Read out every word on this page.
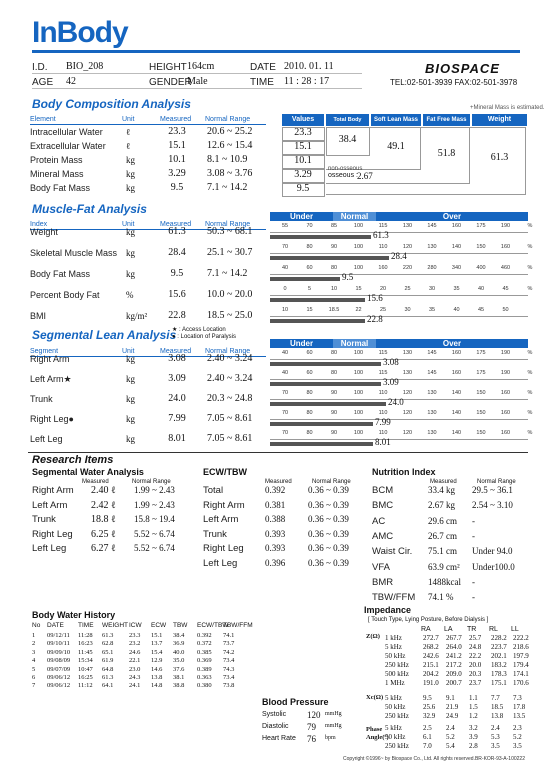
InBody
I.D. BIO_208	HEIGHT 164cm	DATE 2010. 01. 11
AGE 42	GENDER
Male	TIME 11 : 28 : 17
BIOSPACE
TEL:02-501-3939 FAX:02-501-3978
Body Composition Analysis	+Mineral Mass is estimated.
Element	Unit	Measured Normal Range
Intracellular Water	ℓ	23.3	20.6 ~ 25.2
Extracellular Water ℓ	15.1	12.6 ~ 15.4
Protein Mass	kg	10.1	8.1 ~ 10.9
Mineral Mass	kg	3.29	3.08 ~ 3.76
Body Fat Mass	kg	9.5	7.1 ~ 14.2
Values	Total Body Water
Soft Lean Mass	Fat Free Mass	Weight
38.4
49.1
51.8	61.3
non-osseous
osseous : 2.67
23.3
15.1
10.1
3.29
9.5
Muscle-Fat Analysis
Index	Unit	Measured Normal Range
Under	Normal	Over
Weight	kg	61.3	50.3 ~ 68.1	55	70	85	100	115	130	145	160	175	190	%
61.3
Skeletal Muscle Mass kg	28.4	25.1 ~ 30.7	70	80	90	100	110	120	130	140	150	160	%
28.4
Body Fat Mass	kg	9.5	7.1 ~ 14.2	40	60	80	100	160	220	280	340	400	460	%
9.5
Percent Body Fat	%	15.6	10.0 ~ 20.0	0	5	10	15	20	25	30	35	40	45	%
15.6
BMI	kg/m²	22.8	18.5 ~ 25.0	10	15	18.5	22	25	30	35	40	45	50
22.8
Segmental Lean Analysis
★ : Access Location
● : Location of Paralysis
Segment	Unit	Measured Normal Range
Under	Normal	Over
Right Arm	kg	3.08	2.40 ~ 3.24	40	60	80	100	115	130	145	160	175	190	%
3.08
Left Arm★	kg	3.09	2.40 ~ 3.24	40	60	80	100	115	130	145	160	175	190	%
3.09
Trunk	kg	24.0	20.3 ~ 24.8	70	80	90	100	110	120	130	140	150	160	%
24.0
Right Leg●	kg	7.99	7.05 ~ 8.61	70	80	90	100	110	120	130	140	150	160	%
7.99
Left Leg	kg	8.01	7.05 ~ 8.61	70	80	90	100	110	120	130	140	150	160	%
8.01
Research Items
Segmental Water Analysis
Measured	Normal Range
Right Arm 2.40 ℓ 1.99 ~ 2.43
Left Arm 2.42 ℓ 1.99 ~ 2.43
Trunk	18.8 ℓ 15.8 ~ 19.4
Right Leg 6.25 ℓ 5.52 ~ 6.74
Left Leg 6.27 ℓ 5.52 ~ 6.74
ECW/TBW
Measured	Normal Range
Total	0.392	0.36 ~ 0.39
Right Arm 0.381	0.36 ~ 0.39
Left Arm	0.388	0.36 ~ 0.39
Trunk	0.393	0.36 ~ 0.39
Right Leg 0.393	0.36 ~ 0.39
Left Leg	0.396	0.36 ~ 0.39
Nutrition Index
Measured	Normal Range
BCM	33.4 kg 29.5 ~ 36.1
BMC	2.67 kg 2.54 ~ 3.10
AC	29.6 cm -
AMC	26.7 cm -
Waist Cir. 75.1 cm Under 94.0
VFA	63.9 cm² Under100.0
BMR	1488kcal -
TBW/FFM 74.1 % -
Body Water History
No DATE TIME WEIGHT ICW ECW TBW ECW/TBW
TBW/FFM
1 09/12/11 11:28 61.3 23.3 15.1 38.4 0.392 74.1
2 09/10/11 16:23 62.8 23.2 13.7 36.9 0.372 73.7
3 09/09/10 11:45 65.1 24.6 15.4 40.0 0.385 74.2
4 09/08/09 15:34 61.9 22.1 12.9 35.0 0.369 73.4
5 09/07/09 10:47 64.8 23.0 14.6 37.6 0.389 74.3
6 09/06/12 16:25 61.3 24.3 13.8 38.1 0.363 73.4
7 09/06/12 11:12 64.1 24.1 14.8 38.8 0.380 73.8
Blood Pressure
Systolic 120 mmHg
Diastolic 79 mmHg
Heart Rate 76 bpm
Impedance
[ Touch Type, Lying Posture, Before Dialysis ]
RA LA TR RL LL
Z(Ω) 1 kHz	272.7 267.7 25.7 228.2 222.2
5 kHz	268.2 264.0 24.8 223.7 218.6
50 kHz	242.6 241.2 22.2 202.1 197.9
250 kHz 215.1 217.2 20.0 183.2 179.4
500 kHz 204.2 209.0 20.3 178.3 174.1
1 MHz	191.0 200.7 23.7 175.1 170.6
Xc(Ω) 5 kHz	9.5 9.1 1.1 7.7 7.3
50 kHz	25.6 21.9 1.5 18.5 17.8
250 kHz 32.9 24.9 1.2 13.8 13.5
Phase
Angle(º)
5 kHz	2.5 2.4 3.2 2.4 2.3
50 kHz	6.1 5.2 3.9 5.3 5.2
250 kHz 7.0 5.4 2.8 3.5 3.5
Copyright ©1996~ by Biospace Co., Ltd. All rights reserved.BR-KOR-93-A-100222
